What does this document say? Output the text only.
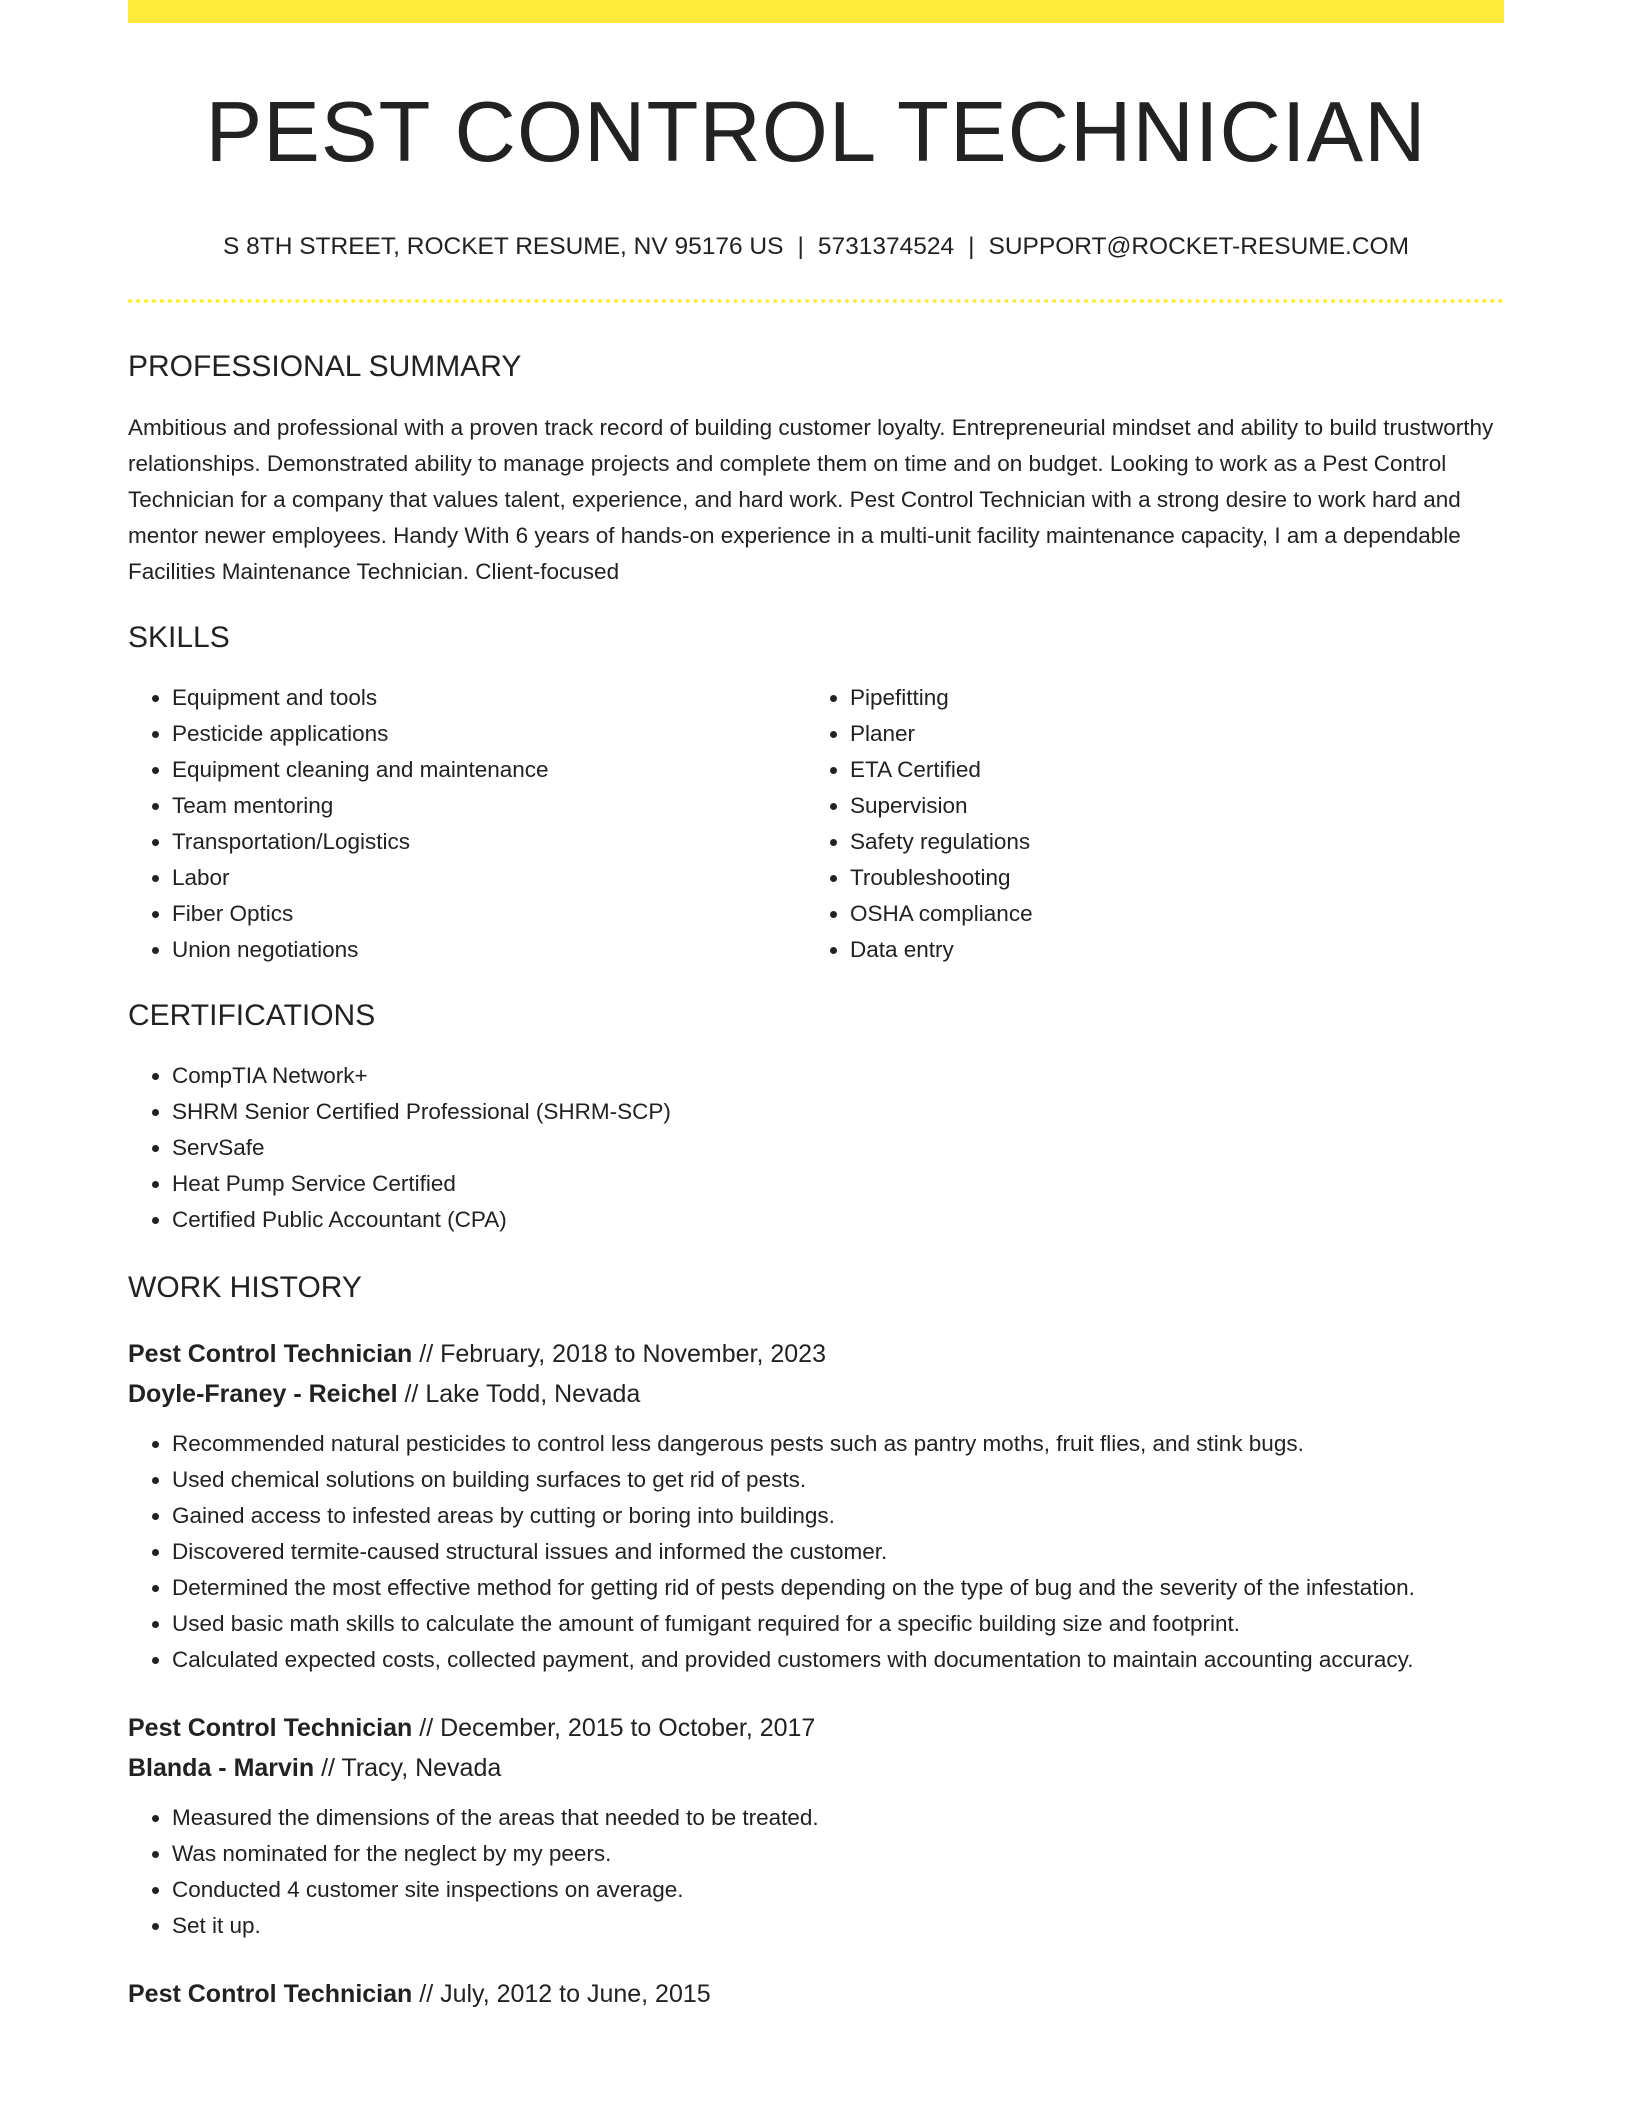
PEST CONTROL TECHNICIAN
S 8TH STREET, ROCKET RESUME, NV 95176 US | 5731374524 | SUPPORT@ROCKET-RESUME.COM
PROFESSIONAL SUMMARY

Ambitious and professional with a proven track record of building customer loyalty. Entrepreneurial mindset and ability to build trustworthy relationships. Demonstrated ability to manage projects and complete them on time and on budget. Looking to work as a Pest Control Technician for a company that values talent, experience, and hard work. Pest Control Technician with a strong desire to work hard and mentor newer employees. Handy With 6 years of hands-on experience in a multi-unit facility maintenance capacity, I am a dependable Facilities Maintenance Technician. Client-focused

SKILLS
• Equipment and tools
• Pesticide applications
• Equipment cleaning and maintenance
• Team mentoring
• Transportation/Logistics
• Labor
• Fiber Optics
• Union negotiations
• Pipefitting
• Planer
• ETA Certified
• Supervision
• Safety regulations
• Troubleshooting
• OSHA compliance
• Data entry
CERTIFICATIONS
• CompTIA Network+
• SHRM Senior Certified Professional (SHRM-SCP)
• ServSafe
• Heat Pump Service Certified
• Certified Public Accountant (CPA)
WORK HISTORY
Pest Control Technician // February, 2018 to November, 2023
Doyle-Franey - Reichel // Lake Todd, Nevada
• Recommended natural pesticides to control less dangerous pests such as pantry moths, fruit flies, and stink bugs.
• Used chemical solutions on building surfaces to get rid of pests.
• Gained access to infested areas by cutting or boring into buildings.
• Discovered termite-caused structural issues and informed the customer.
• Determined the most effective method for getting rid of pests depending on the type of bug and the severity of the infestation.
• Used basic math skills to calculate the amount of fumigant required for a specific building size and footprint.
• Calculated expected costs, collected payment, and provided customers with documentation to maintain accounting accuracy.
Pest Control Technician // December, 2015 to October, 2017
Blanda - Marvin // Tracy, Nevada
• Measured the dimensions of the areas that needed to be treated.
• Was nominated for the neglect by my peers.
• Conducted 4 customer site inspections on average.
• Set it up.
Pest Control Technician // July, 2012 to June, 2015
